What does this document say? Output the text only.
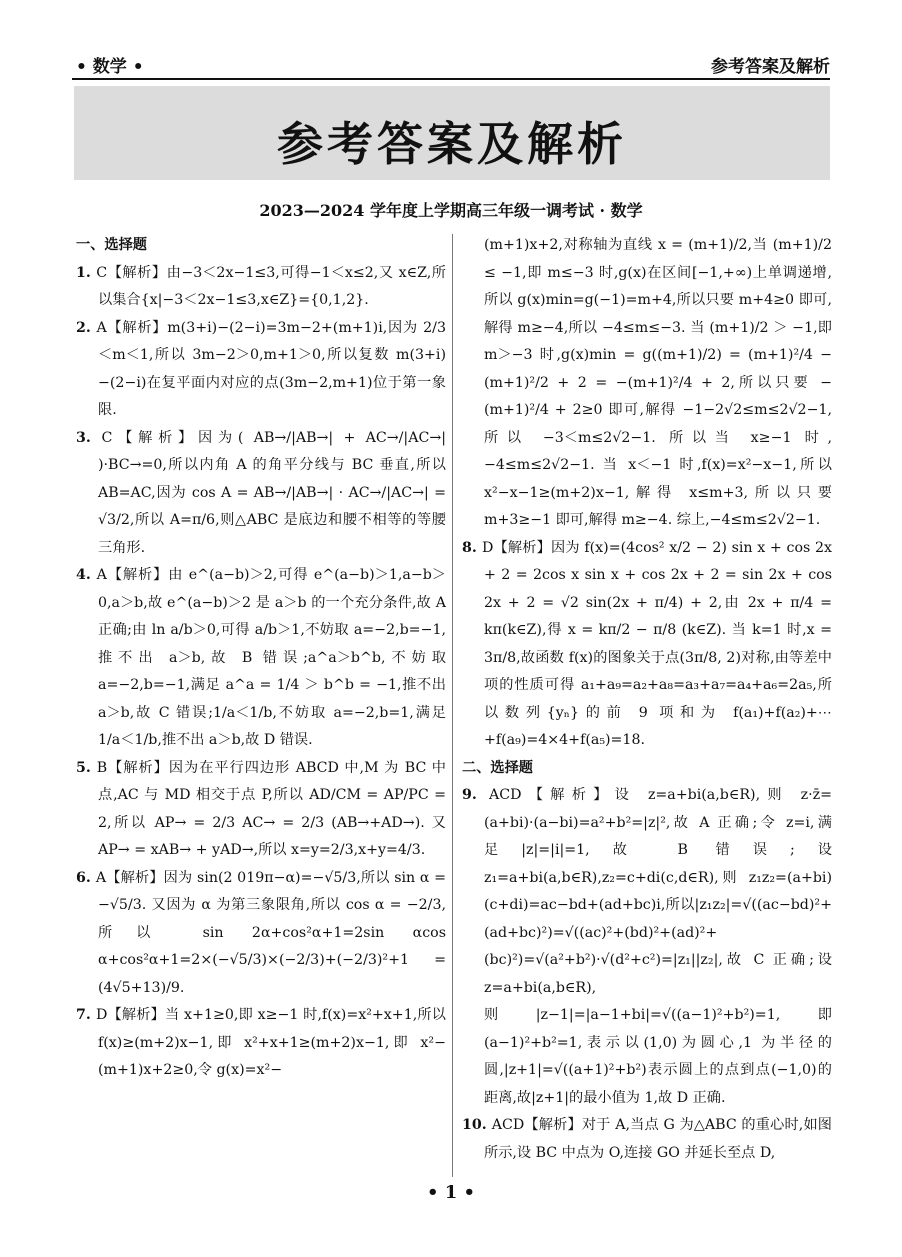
• 数学 •	参考答案及解析
参考答案及解析
2023—2024 学年度上学期高三年级一调考试 · 数学

一、选择题

1. C【解析】由−3＜2x−1≤3,可得−1＜x≤2,又 x∈Z,所以集合{x|−3＜2x−1≤3,x∈Z}={0,1,2}.

2. A【解析】m(3+i)−(2−i)=3m−2+(m+1)i,因为 2/3＜m＜1,所以 3m−2＞0,m+1＞0,所以复数 m(3+i)−(2−i)在复平面内对应的点(3m−2,m+1)位于第一象限.

3. C【解析】因为( AB→/|AB→| + AC→/|AC→| )·BC→=0,所以内角 A 的角平分线与 BC 垂直,所以 AB=AC,因为 cos A = AB→/|AB→| · AC→/|AC→| = √3/2,所以 A=π/6,则△ABC 是底边和腰不相等的等腰三角形.

4. A【解析】由 e^(a−b)＞2,可得 e^(a−b)＞1,a−b＞0,a＞b,故 e^(a−b)＞2 是 a＞b 的一个充分条件,故 A 正确;由 ln a/b＞0,可得 a/b＞1,不妨取 a=−2,b=−1,推不出 a＞b,故 B 错误;a^a＞b^b,不妨取 a=−2,b=−1,满足 a^a = 1/4 ＞ b^b = −1,推不出 a＞b,故 C 错误;1/a＜1/b,不妨取 a=−2,b=1,满足 1/a＜1/b,推不出 a＞b,故 D 错误.

5. B【解析】因为在平行四边形 ABCD 中,M 为 BC 中点,AC 与 MD 相交于点 P,所以 AD/CM = AP/PC = 2,所以 AP→ = 2/3 AC→ = 2/3 (AB→+AD→). 又 AP→ = xAB→ + yAD→,所以 x=y=2/3,x+y=4/3.

6. A【解析】因为 sin(2 019π−α)=−√5/3,所以 sin α = −√5/3. 又因为 α 为第三象限角,所以 cos α = −2/3,所以 sin 2α+cos²α+1=2sin αcos α+cos²α+1=2×(−√5/3)×(−2/3)+(−2/3)²+1 = (4√5+13)/9.

7. D【解析】当 x+1≥0,即 x≥−1 时,f(x)=x²+x+1,所以 f(x)≥(m+2)x−1,即 x²+x+1≥(m+2)x−1,即 x²−(m+1)x+2≥0,令 g(x)=x²−

(m+1)x+2,对称轴为直线 x = (m+1)/2,当 (m+1)/2 ≤ −1,即 m≤−3 时,g(x)在区间[−1,+∞)上单调递增,所以 g(x)min=g(−1)=m+4,所以只要 m+4≥0 即可,解得 m≥−4,所以 −4≤m≤−3. 当 (m+1)/2 ＞ −1,即 m＞−3 时,g(x)min = g((m+1)/2) = (m+1)²/4 − (m+1)²/2 + 2 = −(m+1)²/4 + 2,所以只要 −(m+1)²/4 + 2≥0 即可,解得 −1−2√2≤m≤2√2−1,所以 −3＜m≤2√2−1. 所以当 x≥−1 时,−4≤m≤2√2−1. 当 x＜−1 时,f(x)=x²−x−1,所以 x²−x−1≥(m+2)x−1,解得 x≤m+3,所以只要 m+3≥−1 即可,解得 m≥−4. 综上,−4≤m≤2√2−1.

8. D【解析】因为 f(x)=(4cos² x/2 − 2) sin x + cos 2x + 2 = 2cos x sin x + cos 2x + 2 = sin 2x + cos 2x + 2 = √2 sin(2x + π/4) + 2,由 2x + π/4 = kπ(k∈Z),得 x = kπ/2 − π/8 (k∈Z). 当 k=1 时,x = 3π/8,故函数 f(x)的图象关于点(3π/8, 2)对称,由等差中项的性质可得 a₁+a₉=a₂+a₈=a₃+a₇=a₄+a₆=2a₅,所以数列{yₙ}的前 9 项和为 f(a₁)+f(a₂)+⋯+f(a₉)=4×4+f(a₅)=18.

二、选择题

9. ACD【解析】设 z=a+bi(a,b∈R),则 z·z̄=(a+bi)·(a−bi)=a²+b²=|z|²,故 A 正确;令 z=i,满足|z|=|i|=1,故 B 错误;设 z₁=a+bi(a,b∈R),z₂=c+di(c,d∈R),则 z₁z₂=(a+bi)(c+di)=ac−bd+(ad+bc)i,所以|z₁z₂|=√((ac−bd)²+(ad+bc)²)=√((ac)²+(bd)²+(ad)²+(bc)²)=√(a²+b²)·√(d²+c²)=|z₁||z₂|,故 C 正确;设 z=a+bi(a,b∈R),则|z−1|=|a−1+bi|=√((a−1)²+b²)=1,即(a−1)²+b²=1,表示以(1,0)为圆心,1 为半径的圆,|z+1|=√((a+1)²+b²)表示圆上的点到点(−1,0)的距离,故|z+1|的最小值为 1,故 D 正确.

10. ACD【解析】对于 A,当点 G 为△ABC 的重心时,如图所示,设 BC 中点为 O,连接 GO 并延长至点 D,

• 1 •
